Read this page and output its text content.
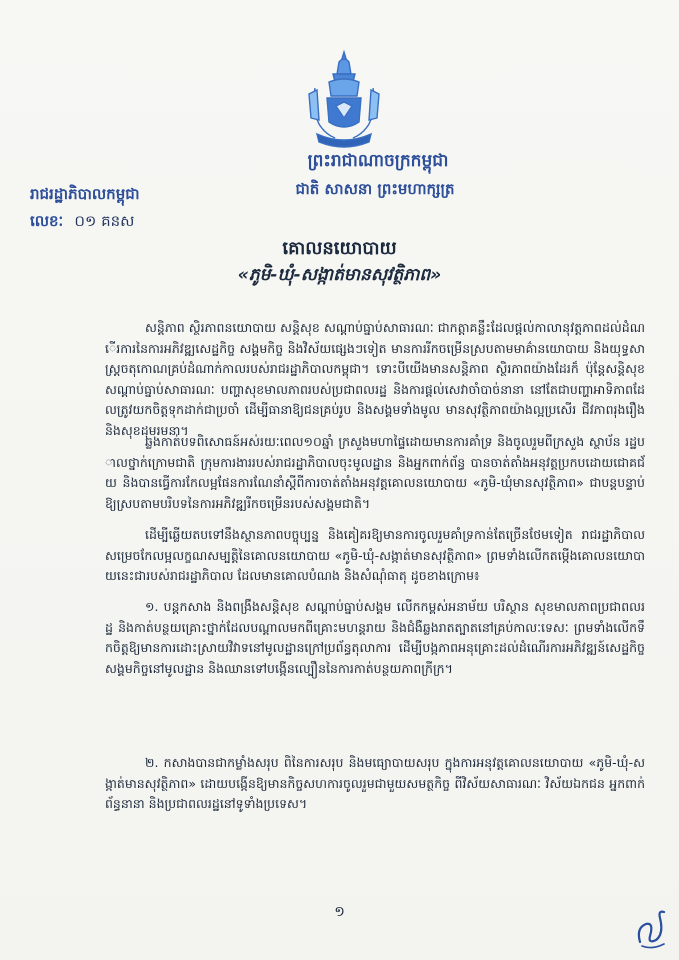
ព្រះរាជាណាចក្រកម្ពុជា
ជាតិ សាសនា ព្រះមហាក្សត្រ
រាជរដ្ឋាភិបាលកម្ពុជា
លេខៈ ០១ គនស
គោលនយោបាយ
«ភូមិ-ឃុំ-សង្កាត់មានសុវត្ថិភាព»
សន្តិភាព ស្ថិរភាពនយោបាយ សន្តិសុខ សណ្តាប់ធ្នាប់សាធារណៈ ជាកត្តាគន្លឹះដែលផ្តល់កាលានុវត្តភាពដល់ដំណើរការនៃការអភិវឌ្ឍសេដ្ឋកិច្ច សង្គមកិច្ច និងវិស័យផ្សេងៗទៀត មានការរីកចម្រើនស្របតាមមាគ៌ានយោបាយ និងយុទ្ធសាស្ត្រចតុកោណគ្រប់ដំណាក់កាលរបស់រាជរដ្ឋាភិបាលកម្ពុជា។ ទោះបីយើងមានសន្តិភាព ស្ថិរភាពយ៉ាងដែរក៏ ប៉ុន្តែសន្តិសុខ សណ្តាប់ធ្នាប់សាធារណៈ បញ្ហាសុខមាលភាពរបស់ប្រជាពលរដ្ឋ និងការផ្តល់សេវាចាំបាច់នានា នៅតែជាបញ្ហាអាទិភាពដែលត្រូវយកចិត្តទុកដាក់ជាប្រចាំ ដើម្បីធានាឱ្យជនគ្រប់រូប និងសង្គមទាំងមូល មានសុវត្ថិភាពយ៉ាងល្អប្រសើរ ជីវភាពរុងរឿង និងសុខដុមរមនា។
ឆ្លងកាត់បទពិសោធន៍អស់រយៈពេល១០ឆ្នាំ ក្រសួងមហាផ្ទៃដោយមានការគាំទ្រ និងចូលរួមពីក្រសួង ស្ថាប័ន រដ្ឋបាលថ្នាក់ក្រោមជាតិ ក្រុមការងាររបស់រាជរដ្ឋាភិបាលចុះមូលដ្ឋាន និងអ្នកពាក់ព័ន្ធ បានចាត់តាំងអនុវត្តប្រកបដោយជោគជ័យ និងបានធ្វើការកែលម្អផែនការណែនាំស្តីពីការចាត់តាំងអនុវត្តគោលនយោបាយ «ភូមិ-ឃុំមានសុវត្ថិភាព» ជាបន្តបន្ទាប់ ឱ្យស្របតាមបរិបទនៃការអភិវឌ្ឍរីកចម្រើនរបស់សង្គមជាតិ។
ដើម្បីឆ្លើយតបទៅនឹងស្ថានភាពបច្ចុប្បន្ន និងគៀគរឱ្យមានការចូលរួមគាំទ្រកាន់តែច្រើនថែមទៀត រាជរដ្ឋាភិបាលសម្រេចកែលម្អលក្ខណសម្បត្តិនៃគោលនយោបាយ «ភូមិ-ឃុំ-សង្កាត់មានសុវត្ថិភាព» ព្រមទាំងលើកតម្កើងគោលនយោបាយនេះជារបស់រាជរដ្ឋាភិបាល ដែលមានគោលបំណង និងសំណុំធាតុ ដូចខាងក្រោម៖
១. បន្តកសាង និងពង្រឹងសន្តិសុខ សណ្តាប់ធ្នាប់សង្គម លើកកម្ពស់អនាម័យ បរិស្ថាន សុខមាលភាពប្រជាពលរដ្ឋ និងកាត់បន្ថយគ្រោះថ្នាក់ដែលបណ្តាលមកពីគ្រោះមហន្តរាយ និងជំងឺឆ្លងរាតត្បាតនៅគ្រប់កាលៈទេសៈ ព្រមទាំងលើកទឹកចិត្តឱ្យមានការដោះស្រាយវិវាទនៅមូលដ្ឋានក្រៅប្រព័ន្ធតុលាការ ដើម្បីបង្កភាពអនុគ្រោះដល់ដំណើរការអភិវឌ្ឍន៍សេដ្ឋកិច្ច សង្គមកិច្ចនៅមូលដ្ឋាន និងឈានទៅបង្កើនល្បឿននៃការកាត់បន្ថយភាពក្រីក្រ។
២. កសាងបានជាកម្លាំងសរុប ពិនៃការសរុប និងមធ្យោបាយសរុប ក្នុងការអនុវត្តគោលនយោបាយ «ភូមិ-ឃុំ-សង្កាត់មានសុវត្ថិភាព» ដោយបង្កើនឱ្យមានកិច្ចសហការចូលរួមជាមួយសមត្ថកិច្ច ពីវិស័យសាធារណៈ វិស័យឯកជន អ្នកពាក់ព័ន្ធនានា និងប្រជាពលរដ្ឋនៅទូទាំងប្រទេស។
១
